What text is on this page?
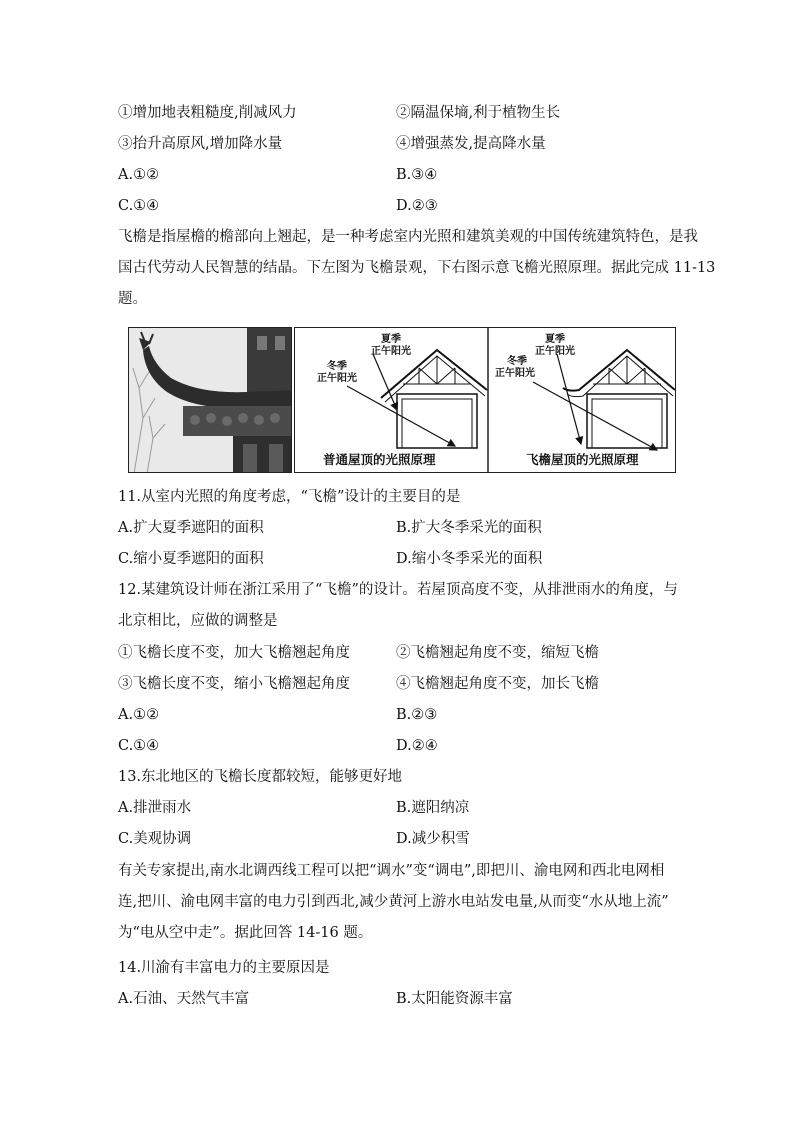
①增加地表粗糙度,削减风力	②隔温保墒,利于植物生长
③抬升高原风,增加降水量	④增强蒸发,提高降水量
A.①②	B.③④
C.①④	D.②③
飞檐是指屋檐的檐部向上翘起，是一种考虑室内光照和建筑美观的中国传统建筑特色，是我
国古代劳动人民智慧的结晶。下左图为飞檐景观，下右图示意飞檐光照原理。据此完成 11-13
题。
夏季
正午阳光
冬季
正午阳光
普通屋顶的光照原理
夏季
正午阳光
冬季
正午阳光
飞檐屋顶的光照原理
11.从室内光照的角度考虑，“飞檐”设计的主要目的是
A.扩大夏季遮阳的面积	B.扩大冬季采光的面积
C.缩小夏季遮阳的面积	D.缩小冬季采光的面积
12.某建筑设计师在浙江采用了“飞檐”的设计。若屋顶高度不变，从排泄雨水的角度，与
北京相比，应做的调整是
①飞檐长度不变，加大飞檐翘起角度	②飞檐翘起角度不变，缩短飞檐
③飞檐长度不变，缩小飞檐翘起角度	④飞檐翘起角度不变，加长飞檐
A.①②	B.②③
C.①④	D.②④
13.东北地区的飞檐长度都较短，能够更好地
A.排泄雨水	B.遮阳纳凉
C.美观协调	D.减少积雪
有关专家提出,南水北调西线工程可以把“调水”变“调电”,即把川、渝电网和西北电网相
连,把川、渝电网丰富的电力引到西北,减少黄河上游水电站发电量,从而变“水从地上流”
为“电从空中走”。据此回答 14-16 题。
14.川渝有丰富电力的主要原因是
A.石油、天然气丰富	B.太阳能资源丰富
